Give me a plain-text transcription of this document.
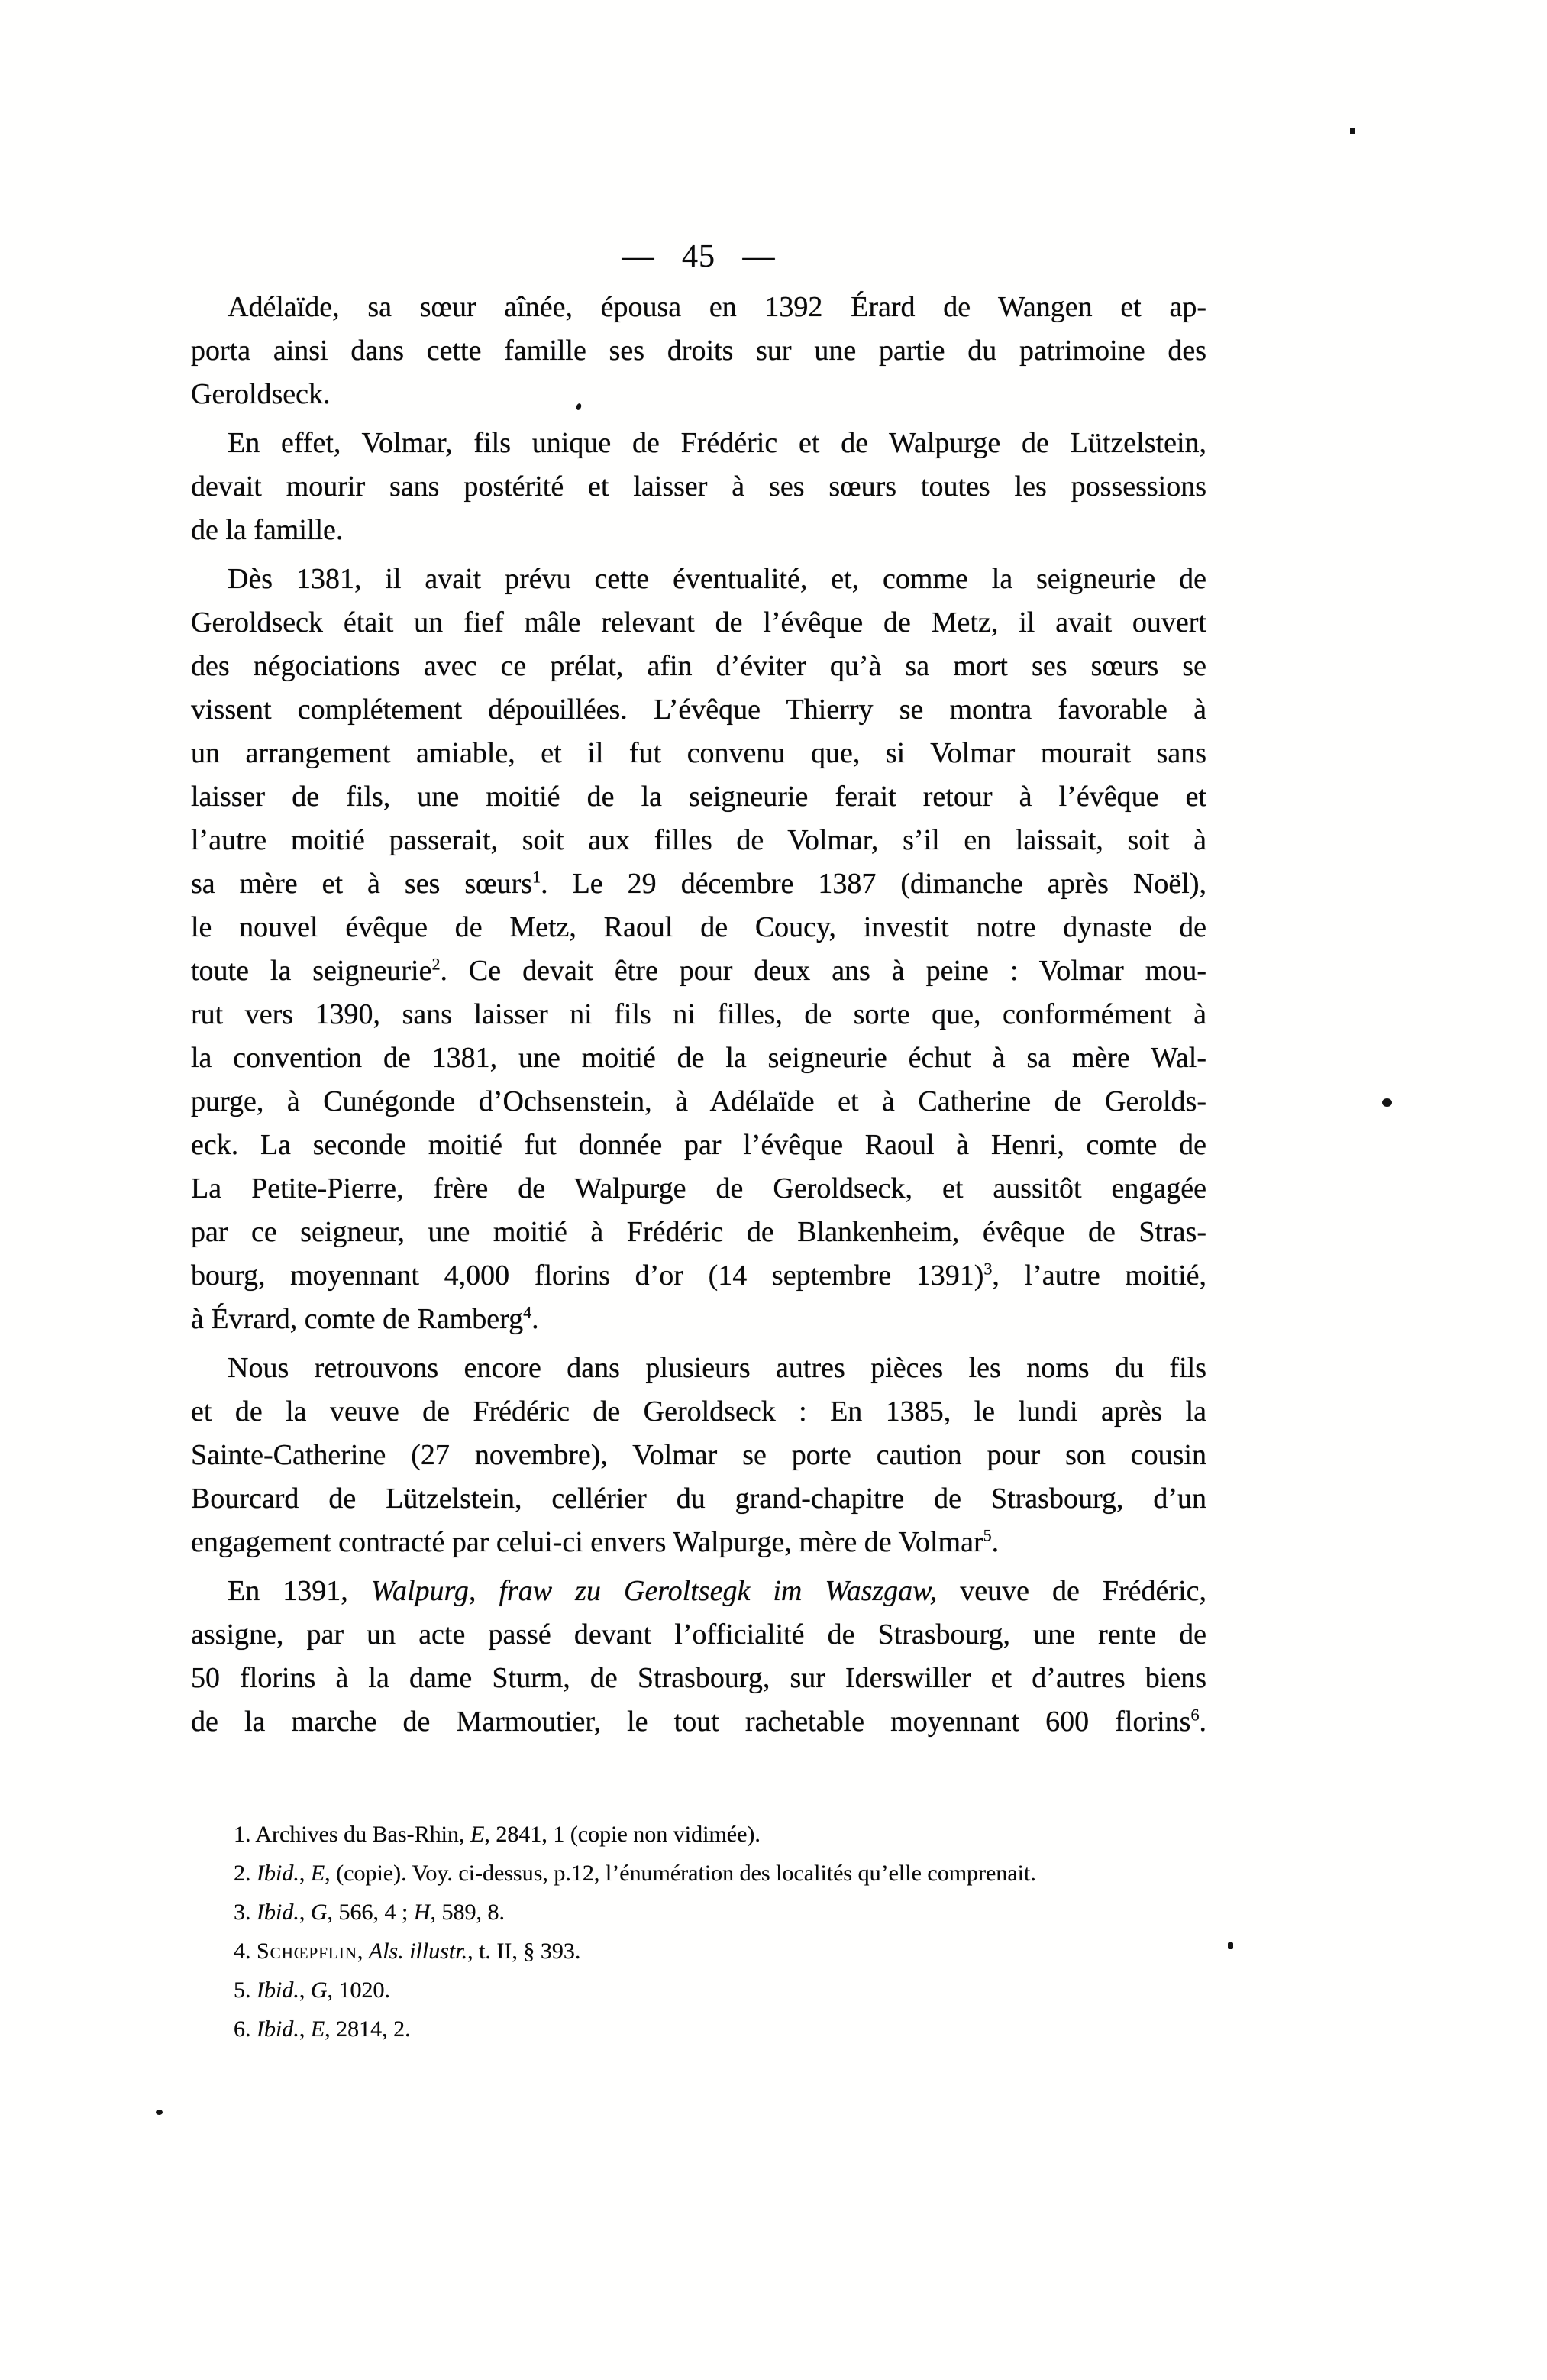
— 45 —
Adélaïde, sa sœur aînée, épousa en 1392 Érard de Wangen et ap-
porta ainsi dans cette famille ses droits sur une partie du patrimoine des
Geroldseck.
En effet, Volmar, fils unique de Frédéric et de Walpurge de Lützelstein,
devait mourir sans postérité et laisser à ses sœurs toutes les possessions
de la famille.
Dès 1381, il avait prévu cette éventualité, et, comme la seigneurie de
Geroldseck était un fief mâle relevant de l’évêque de Metz, il avait ouvert
des négociations avec ce prélat, afin d’éviter qu’à sa mort ses sœurs se
vissent complétement dépouillées. L’évêque Thierry se montra favorable à
un arrangement amiable, et il fut convenu que, si Volmar mourait sans
laisser de fils, une moitié de la seigneurie ferait retour à l’évêque et
l’autre moitié passerait, soit aux filles de Volmar, s’il en laissait, soit à
sa mère et à ses sœurs$^1$. Le 29 décembre 1387 (dimanche après Noël),
le nouvel évêque de Metz, Raoul de Coucy, investit notre dynaste de
toute la seigneurie$^2$. Ce devait être pour deux ans à peine : Volmar mou-
rut vers 1390, sans laisser ni fils ni filles, de sorte que, conformément à
la convention de 1381, une moitié de la seigneurie échut à sa mère Wal-
purge, à Cunégonde d’Ochsenstein, à Adélaïde et à Catherine de Gerolds-
eck. La seconde moitié fut donnée par l’évêque Raoul à Henri, comte de
La Petite-Pierre, frère de Walpurge de Geroldseck, et aussitôt engagée
par ce seigneur, une moitié à Frédéric de Blankenheim, évêque de Stras-
bourg, moyennant 4,000 florins d’or (14 septembre 1391)$^3$, l’autre moitié,
à Évrard, comte de Ramberg$^4$.
Nous retrouvons encore dans plusieurs autres pièces les noms du fils
et de la veuve de Frédéric de Geroldseck : En 1385, le lundi après la
Sainte-Catherine (27 novembre), Volmar se porte caution pour son cousin
Bourcard de Lützelstein, cellérier du grand-chapitre de Strasbourg, d’un
engagement contracté par celui-ci envers Walpurge, mère de Volmar$^5$.
En 1391, Walpurg, fraw zu Geroltsegk im Waszgaw, veuve de Frédéric,
assigne, par un acte passé devant l’officialité de Strasbourg, une rente de
50 florins à la dame Sturm, de Strasbourg, sur Iderswiller et d’autres biens
de la marche de Marmoutier, le tout rachetable moyennant 600 florins$^6$.
1. Archives du Bas-Rhin, E, 2841, 1 (copie non vidimée).
2. Ibid., E, (copie). Voy. ci-dessus, p.12, l’énumération des localités qu’elle comprenait.
3. Ibid., G, 566, 4 ; H, 589, 8.
4. Schœpflin, Als. illustr., t. II, § 393.
5. Ibid., G, 1020.
6. Ibid., E, 2814, 2.
